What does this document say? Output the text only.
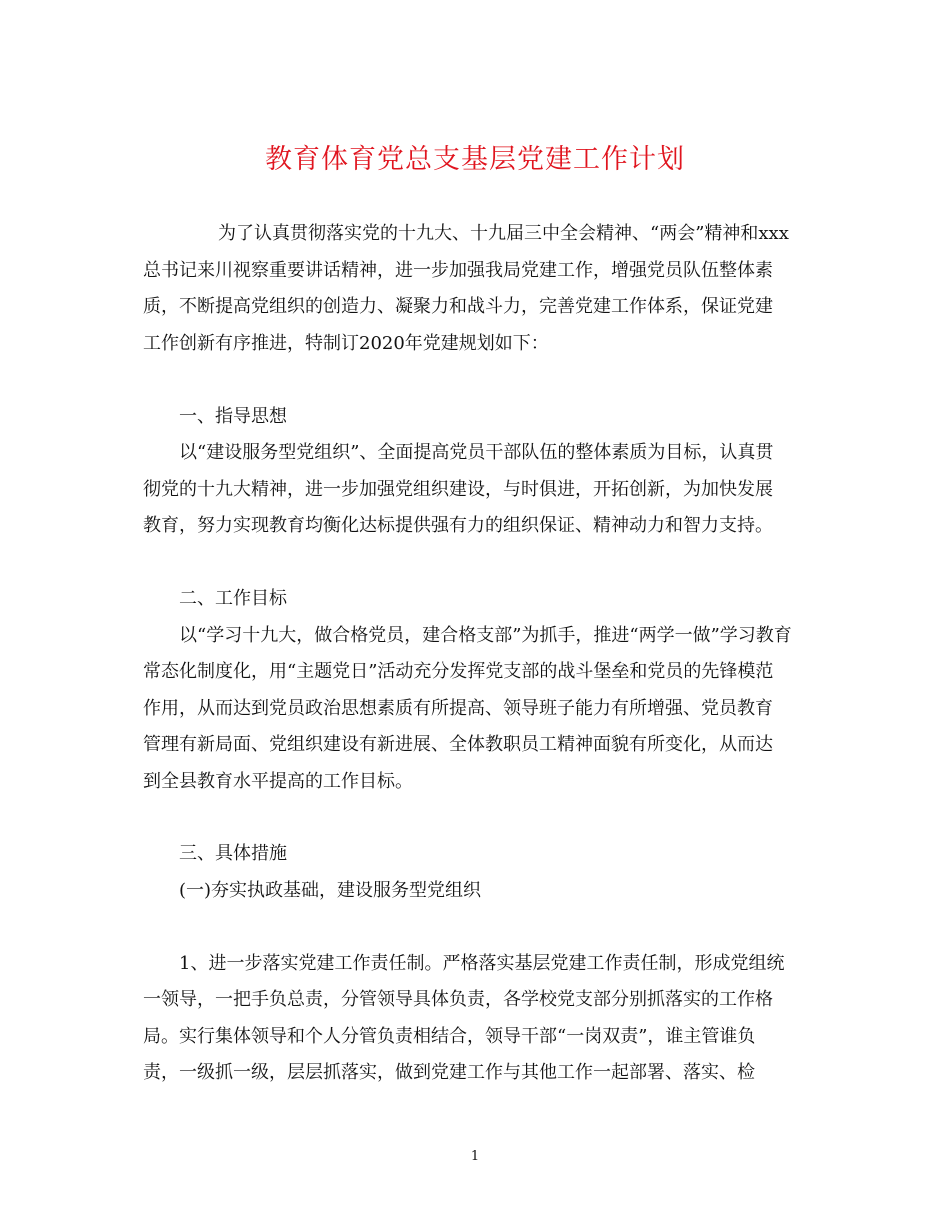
教育体育党总支基层党建工作计划
为了认真贯彻落实党的十九大、十九届三中全会精神、“两会”精神和xxx
总书记来川视察重要讲话精神，进一步加强我局党建工作，增强党员队伍整体素
质，不断提高党组织的创造力、凝聚力和战斗力，完善党建工作体系，保证党建
工作创新有序推进，特制订2020年党建规划如下：
一、指导思想
以“建设服务型党组织”、全面提高党员干部队伍的整体素质为目标，认真贯
彻党的十九大精神，进一步加强党组织建设，与时俱进，开拓创新，为加快发展
教育，努力实现教育均衡化达标提供强有力的组织保证、精神动力和智力支持。
二、工作目标
以“学习十九大，做合格党员，建合格支部”为抓手，推进“两学一做”学习教育
常态化制度化，用“主题党日”活动充分发挥党支部的战斗堡垒和党员的先锋模范
作用，从而达到党员政治思想素质有所提高、领导班子能力有所增强、党员教育
管理有新局面、党组织建设有新进展、全体教职员工精神面貌有所变化，从而达
到全县教育水平提高的工作目标。
三、具体措施
(一)夯实执政基础，建设服务型党组织
1、进一步落实党建工作责任制。严格落实基层党建工作责任制，形成党组统
一领导，一把手负总责，分管领导具体负责，各学校党支部分别抓落实的工作格
局。实行集体领导和个人分管负责相结合，领导干部“一岗双责”，谁主管谁负
责，一级抓一级，层层抓落实，做到党建工作与其他工作一起部署、落实、检
1
